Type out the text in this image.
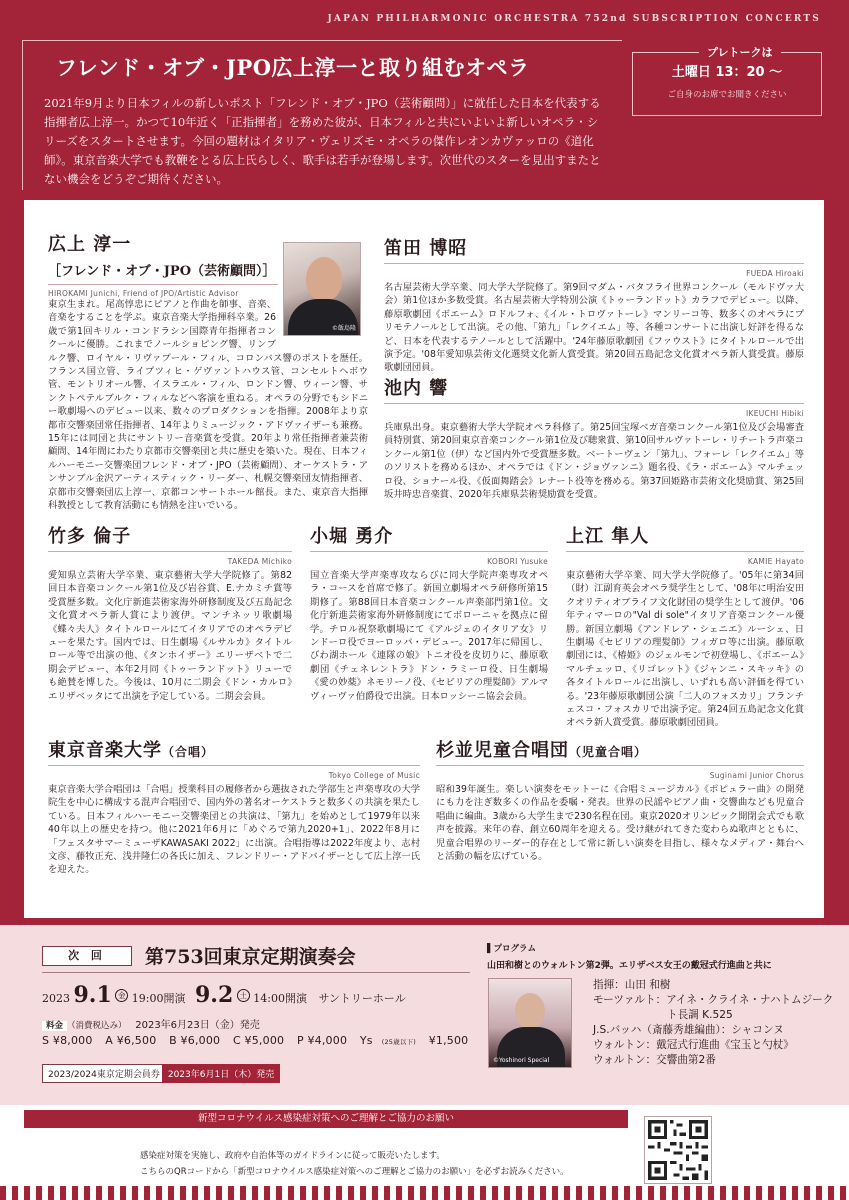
JAPAN PHILHARMONIC ORCHESTRA 752nd SUBSCRIPTION CONCERTS
フレンド・オブ・JPO広上淳一と取り組むオペラ
2021年9月より日本フィルの新しいポスト「フレンド・オブ・JPO（芸術顧問）」に就任した日本を代表する指揮者広上淳一。かつて10年近く「正指揮者」を務めた彼が、日本フィルと共にいよいよ新しいオペラ・シリーズをスタートさせます。今回の題材はイタリア・ヴェリズモ・オペラの傑作レオンカヴァッロの《道化師》。東京音楽大学でも教鞭をとる広上氏らしく、歌手は若手が登場します。次世代のスターを見出すまたとない機会をどうぞご期待ください。
プレトークは
土曜日 13：20 ～
ご自身のお席でお聞きください
広上 淳一
［フレンド・オブ・JPO（芸術顧問）］
HIROKAMI Junichi, Friend of JPO/Artistic Advisor
©飯島隆
東京生まれ。尾高惇忠にピアノと作曲を師事、音楽、音楽をすることを学ぶ。東京音楽大学指揮科卒業。26歳で第1回キリル・コンドラシン国際青年指揮者コンクールに優勝。これまでノールショピング響、リンブルク響、ロイヤル・リヴァプール・フィル、コロンバス響のポストを歴任。フランス国立管、ライプツィヒ・ゲヴァントハウス管、コンセルトヘボウ管、モントリオール響、イスラエル・フィル、ロンドン響、ウィーン響、サンクトペテルブルク・フィルなどへ客演を重ねる。オペラの分野でもシドニー歌劇場へのデビュー以来、数々のプロダクションを指揮。2008年より京都市交響楽団常任指揮者、14年よりミュージック・アドヴァイザーも兼務。15年には同団と共にサントリー音楽賞を受賞。20年より常任指揮者兼芸術顧問、14年間にわたり京都市交響楽団と共に歴史を築いた。現在、日本フィルハーモニー交響楽団フレンド・オブ・JPO（芸術顧問）、オーケストラ・アンサンブル金沢アーティスティック・リーダー、札幌交響楽団友情指揮者、京都市交響楽団広上淳一、京都コンサートホール館長。また、東京音大指揮科教授として教育活動にも情熱を注いでいる。
笛田 博昭
FUEDA Hiroaki
名古屋芸術大学卒業、同大学大学院修了。第9回マダム・バタフライ世界コンクール（モルドヴァ大会）第1位ほか多数受賞。名古屋芸術大学特別公演《トゥーランドット》カラフでデビュー。以降、藤原歌劇団《ボエーム》ロドルフォ、《イル・トロヴァトーレ》マンリーコ等、数多くのオペラにプリモテノールとして出演。その他、「第九」「レクイエム」等、各種コンサートに出演し好評を得るなど、日本を代表するテノールとして活躍中。'24年藤原歌劇団《ファウスト》にタイトルロールで出演予定。'08年愛知県芸術文化選奨文化新人賞受賞。第20回五島記念文化賞オペラ新人賞受賞。藤原歌劇団団員。
池内 響
IKEUCHI Hibiki
兵庫県出身。東京藝術大学大学院オペラ科修了。第25回宝塚ベガ音楽コンクール第1位及び会場審査員特別賞、第20回東京音楽コンクール第1位及び聴衆賞、第10回サルヴァトーレ・リチートラ声楽コンクール第1位（伊）など国内外で受賞歴多数。ベートーヴェン「第九」、フォーレ「レクイエム」等のソリストを務めるほか、オペラでは《ドン・ジョヴァンニ》題名役、《ラ・ボエーム》マルチェッロ役、ショナール役、《仮面舞踏会》レナート役等を務める。第37回姫路市芸術文化奨励賞、第25回坂井時忠音楽賞、2020年兵庫県芸術奨励賞を受賞。
竹多 倫子
TAKEDA Michiko
愛知県立芸術大学卒業、東京藝術大学大学院修了。第82回日本音楽コンクール第1位及び岩谷賞、E.ナカミチ賞等受賞歴多数。文化庁新進芸術家海外研修制度及び五島記念文化賞オペラ新人賞により渡伊。マンチネッリ歌劇場《蝶々夫人》タイトルロールにてイタリアでのオペラデビューを果たす。国内では、日生劇場《ルサルカ》タイトルロール等で出演の他、《タンホイザー》エリーザベトで二期会デビュー、本年2月同《トゥーランドット》リューでも絶賛を博した。今後は、10月に二期会《ドン・カルロ》エリザベッタにて出演を予定している。二期会会員。
小堀 勇介
KOBORI Yusuke
国立音楽大学声楽専攻ならびに同大学院声楽専攻オペラ・コースを首席で修了。新国立劇場オペラ研修所第15期修了。第88回日本音楽コンクール声楽部門第1位。文化庁新進芸術家海外研修制度にてボローニャを拠点に留学。チロル祝祭歌劇場にて《アルジェのイタリア女》リンドーロ役でヨーロッパ・デビュー。2017年に帰国し、びわ湖ホール《連隊の娘》トニオ役を皮切りに、藤原歌劇団《チェネレントラ》ドン・ラミーロ役、日生劇場《愛の妙薬》ネモリーノ役、《セビリアの理髪師》アルマヴィーヴァ伯爵役で出演。日本ロッシーニ協会会員。
上江 隼人
KAMIE Hayato
東京藝術大学卒業、同大学大学院修了。'05年に第34回（財）江副育英会オペラ奨学生として、'08年に明治安田クオリティオブライフ文化財団の奨学生として渡伊。'06年ティマーロの"Val di sole"イタリア音楽コンクール優勝。新国立劇場《アンドレア・シェニエ》ルーシェ、日生劇場《セビリアの理髪師》フィガロ等に出演。藤原歌劇団には、《椿姫》のジェルモンで初登場し、《ボエーム》マルチェッロ、《リゴレット》《ジャンニ・スキッキ》の各タイトルロールに出演し、いずれも高い評価を得ている。'23年藤原歌劇団公演「二人のフォスカリ」フランチェスコ・フォスカリで出演予定。第24回五島記念文化賞オペラ新人賞受賞。藤原歌劇団団員。
東京音楽大学（合唱）
Tokyo College of Music
東京音楽大学合唱団は「合唱」授業科目の履修者から選抜された学部生と声楽専攻の大学院生を中心に構成する混声合唱団で、国内外の著名オーケストラと数多くの共演を果たしている。日本フィルハーモニー交響楽団との共演は、「第九」を始めとして1979年以来40年以上の歴史を持つ。他に2021年6月に「めぐろで第九2020+1」、2022年8月に「フェスタサマーミューザKAWASAKI 2022」に出演。合唱指導は2022年度より、志村文彦、藤牧正充、浅井隆仁の各氏に加え、フレンドリー・アドバイザーとして広上淳一氏を迎えた。
杉並児童合唱団（児童合唱）
Suginami Junior Chorus
昭和39年誕生。楽しい演奏をモットーに《合唱ミュージカル》《ポピュラー曲》の開発にも力を注ぎ数多くの作品を委嘱・発表。世界の民謡やピアノ曲・交響曲なども児童合唱曲に編曲。3歳から大学生まで230名程在団。東京2020オリンピック開閉会式でも歌声を披露。来年の春、創立60周年を迎える。受け継がれてきた変わらぬ歌声とともに、児童合唱界のリーダー的存在として常に新しい演奏を目指し、様々なメディア・舞台へと活動の幅を広げている。
次 回	第753回東京定期演奏会
2023 9.1 金 19:00開演 9.2 土 14:00開演 サントリーホール
料金 （消費税込み） 2023年6月23日（金）発売
S ¥8,000 A ¥6,500 B ¥6,000 C ¥5,000 P ¥4,000 Ys (25歳以下) ¥1,500
2023/2024東京定期会員券 2023年6月1日（木）発売
▌プログラム
山田和樹とのウォルトン第2弾。エリザベス女王の戴冠式行進曲と共に
©Yoshinori Special
指揮：山田 和樹
モーツァルト：アイネ・クライネ・ナハトムジーク
ト長調 K.525
J.S.バッハ（斎藤秀雄編曲）：シャコンヌ
ウォルトン：戴冠式行進曲《宝玉と勺杖》
ウォルトン：交響曲第2番
新型コロナウイルス感染症対策へのご理解とご協力のお願い
感染症対策を実施し、政府や自治体等のガイドラインに従って販売いたします。
こちらのQRコードから「新型コロナウイルス感染症対策へのご理解とご協力のお願い」を必ずお読みください。
